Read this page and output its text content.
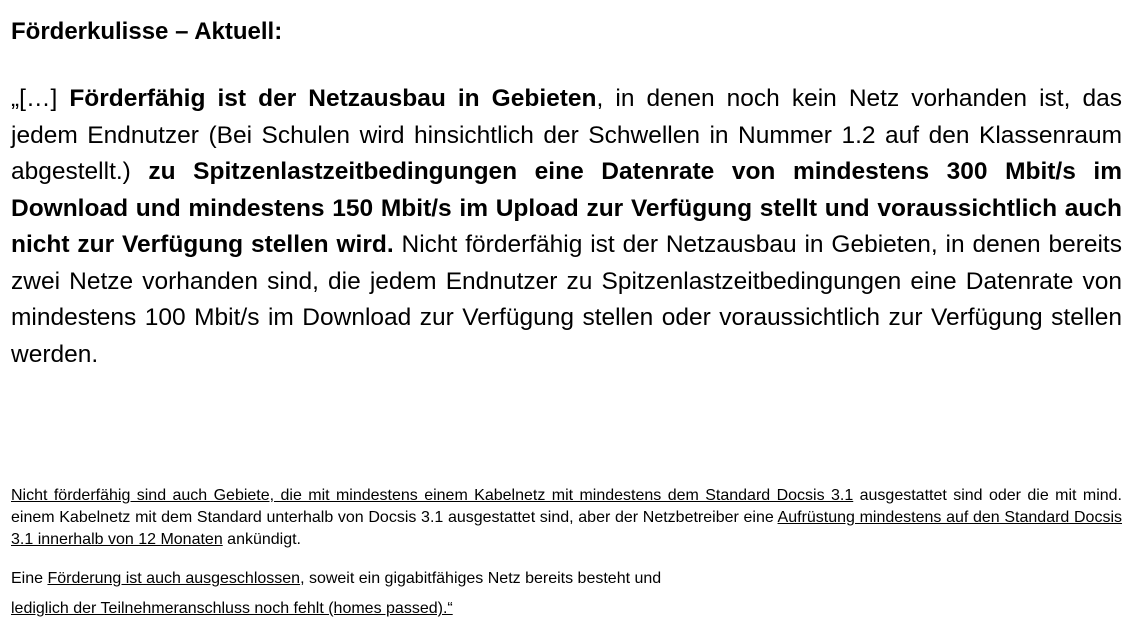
Förderkulisse – Aktuell:

„[…] Förderfähig ist der Netzausbau in Gebieten, in denen noch kein Netz vorhanden ist, das jedem Endnutzer (Bei Schulen wird hinsichtlich der Schwellen in Nummer 1.2 auf den Klassenraum abgestellt.) zu Spitzenlastzeitbedingungen eine Datenrate von mindestens 300 Mbit/s im Download und mindestens 150 Mbit/s im Upload zur Verfügung stellt und voraussichtlich auch nicht zur Verfügung stellen wird. Nicht förderfähig ist der Netzausbau in Gebieten, in denen bereits zwei Netze vorhanden sind, die jedem Endnutzer zu Spitzenlastzeitbedingungen eine Datenrate von mindestens 100 Mbit/s im Download zur Verfügung stellen oder voraussichtlich zur Verfügung stellen werden.

Nicht förderfähig sind auch Gebiete, die mit mindestens einem Kabelnetz mit mindestens dem Standard Docsis 3.1 ausgestattet sind oder die mit mind. einem Kabelnetz mit dem Standard unterhalb von Docsis 3.1 ausgestattet sind, aber der Netzbetreiber eine Aufrüstung mindestens auf den Standard Docsis 3.1 innerhalb von 12 Monaten ankündigt.

Eine Förderung ist auch ausgeschlossen, soweit ein gigabitfähiges Netz bereits besteht und
lediglich der Teilnehmeranschluss noch fehlt (homes passed).“
